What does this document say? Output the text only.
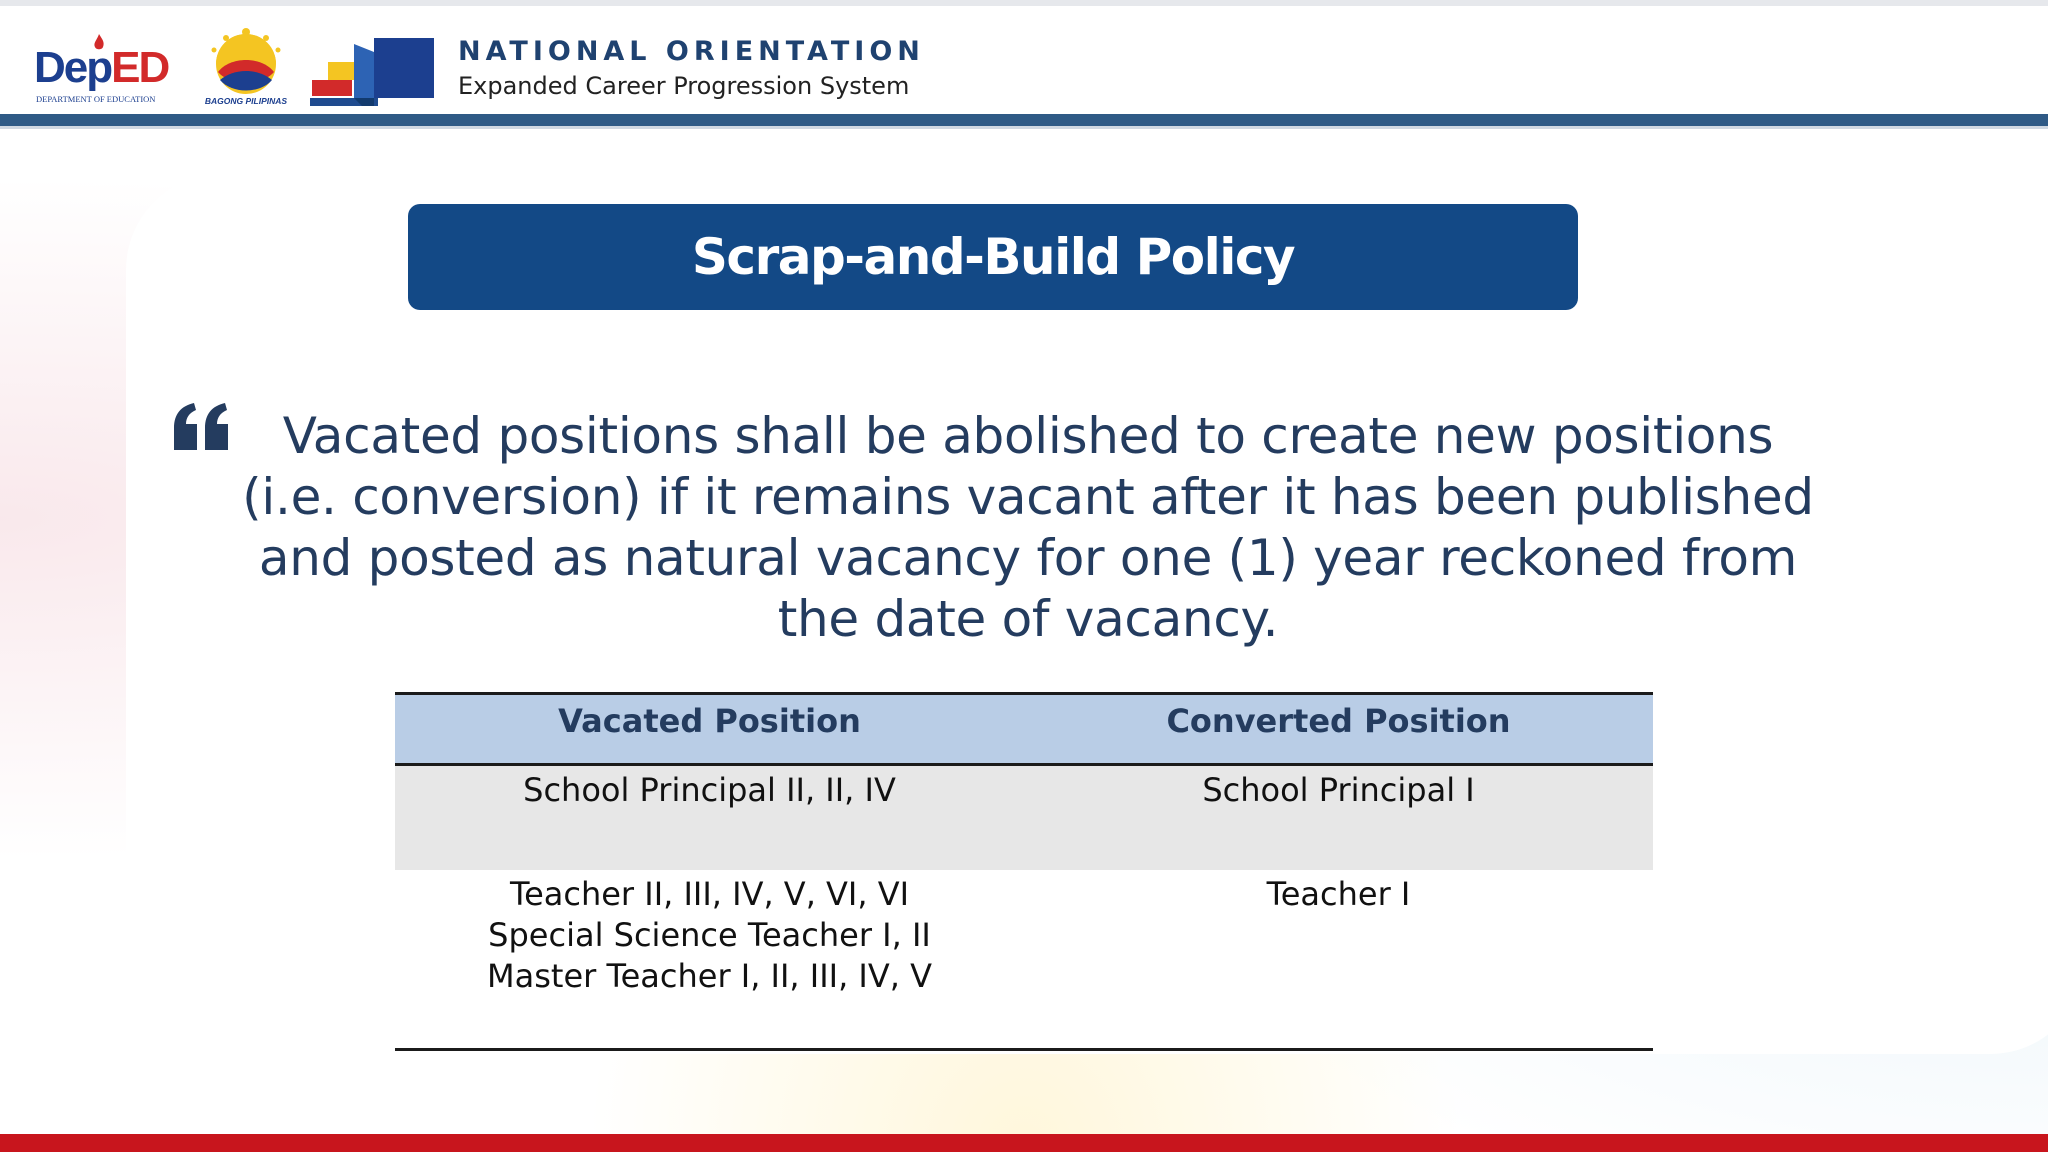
DepED
DEPARTMENT OF EDUCATION	BAGONG PILIPINAS
NATIONAL ORIENTATION
Expanded Career Progression System
Scrap-and-Build Policy

Vacated positions shall be abolished to create new positions (i.e. conversion) if it remains vacant after it has been published and posted as natural vacancy for one (1) year reckoned from the date of vacancy.

Vacated Position	Converted Position

School Principal II, II, IV	School Principal I

Teacher II, III, IV, V, VI, VI
Special Science Teacher I, II
Master Teacher I, II, III, IV, V	Teacher I
